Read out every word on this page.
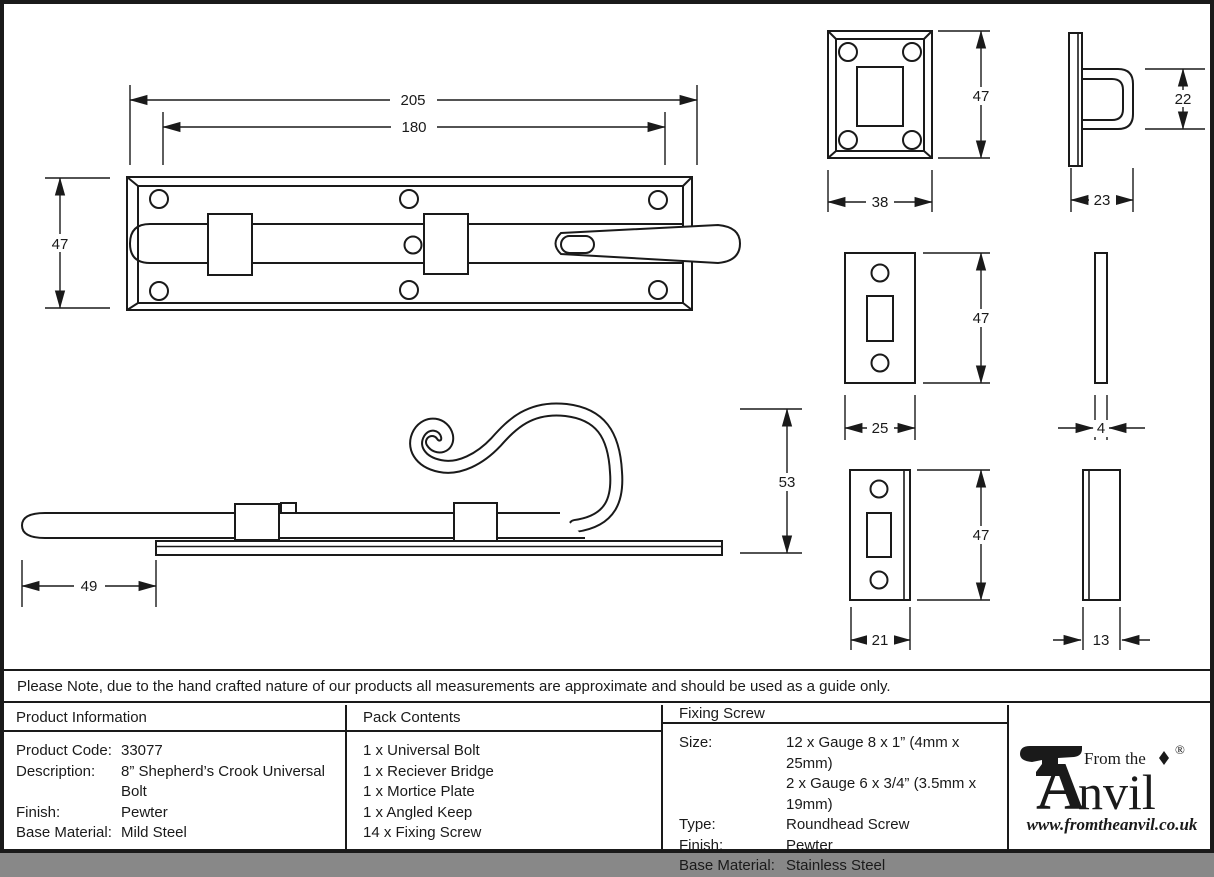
205
180
47
53
49
47
38
22
23
47
25	4
47
21	13
Please Note, due to the hand crafted nature of our products all measurements are approximate and should be used as a guide only.
Product Information
Product Code: 33077
Description:	8” Shepherd’s Crook Universal Bolt
Finish:	Pewter
Base Material: Mild Steel
Pack Contents
1 x Universal Bolt
1 x Reciever Bridge
1 x Mortice Plate
1 x Angled Keep
14 x Fixing Screw
Fixing Screw
Size:	12 x Gauge 8 x 1” (4mm x 25mm)
2 x Gauge 6 x 3/4” (3.5mm x 19mm)
Type:	Roundhead Screw
Finish:	Pewter
Base Material: Stainless Steel
A
nvil
From the ®
www.fromtheanvil.co.uk
